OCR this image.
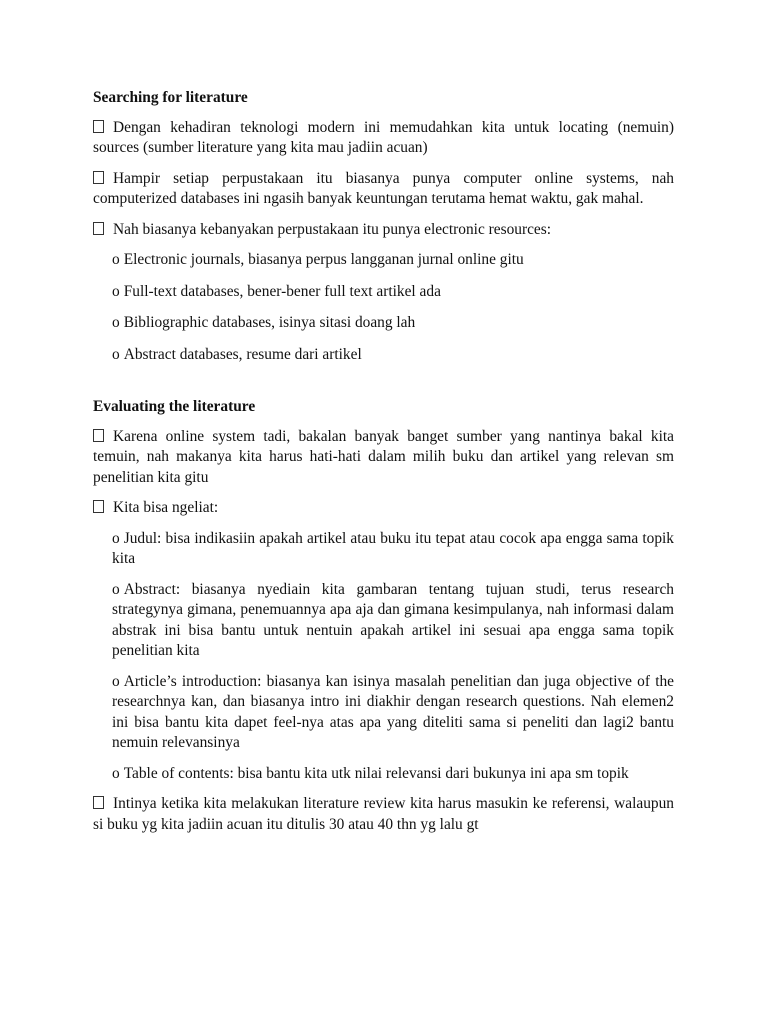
Searching for literature

Dengan kehadiran teknologi modern ini memudahkan kita untuk locating (nemuin) sources (sumber literature yang kita mau jadiin acuan)

Hampir setiap perpustakaan itu biasanya punya computer online systems, nah computerized databases ini ngasih banyak keuntungan terutama hemat waktu, gak mahal.

Nah biasanya kebanyakan perpustakaan itu punya electronic resources:

o Electronic journals, biasanya perpus langganan jurnal online gitu

o Full-text databases, bener-bener full text artikel ada

o Bibliographic databases, isinya sitasi doang lah

o Abstract databases, resume dari artikel

Evaluating the literature

Karena online system tadi, bakalan banyak banget sumber yang nantinya bakal kita temuin, nah makanya kita harus hati-hati dalam milih buku dan artikel yang relevan sm penelitian kita gitu

Kita bisa ngeliat:

o Judul: bisa indikasiin apakah artikel atau buku itu tepat atau cocok apa engga sama topik kita

o Abstract: biasanya nyediain kita gambaran tentang tujuan studi, terus research strategynya gimana, penemuannya apa aja dan gimana kesimpulanya, nah informasi dalam abstrak ini bisa bantu untuk nentuin apakah artikel ini sesuai apa engga sama topik penelitian kita

o Article’s introduction: biasanya kan isinya masalah penelitian dan juga objective of the researchnya kan, dan biasanya intro ini diakhir dengan research questions. Nah elemen2 ini bisa bantu kita dapet feel-nya atas apa yang diteliti sama si peneliti dan lagi2 bantu nemuin relevansinya

o Table of contents: bisa bantu kita utk nilai relevansi dari bukunya ini apa sm topik

Intinya ketika kita melakukan literature review kita harus masukin ke referensi, walaupun si buku yg kita jadiin acuan itu ditulis 30 atau 40 thn yg lalu gt
